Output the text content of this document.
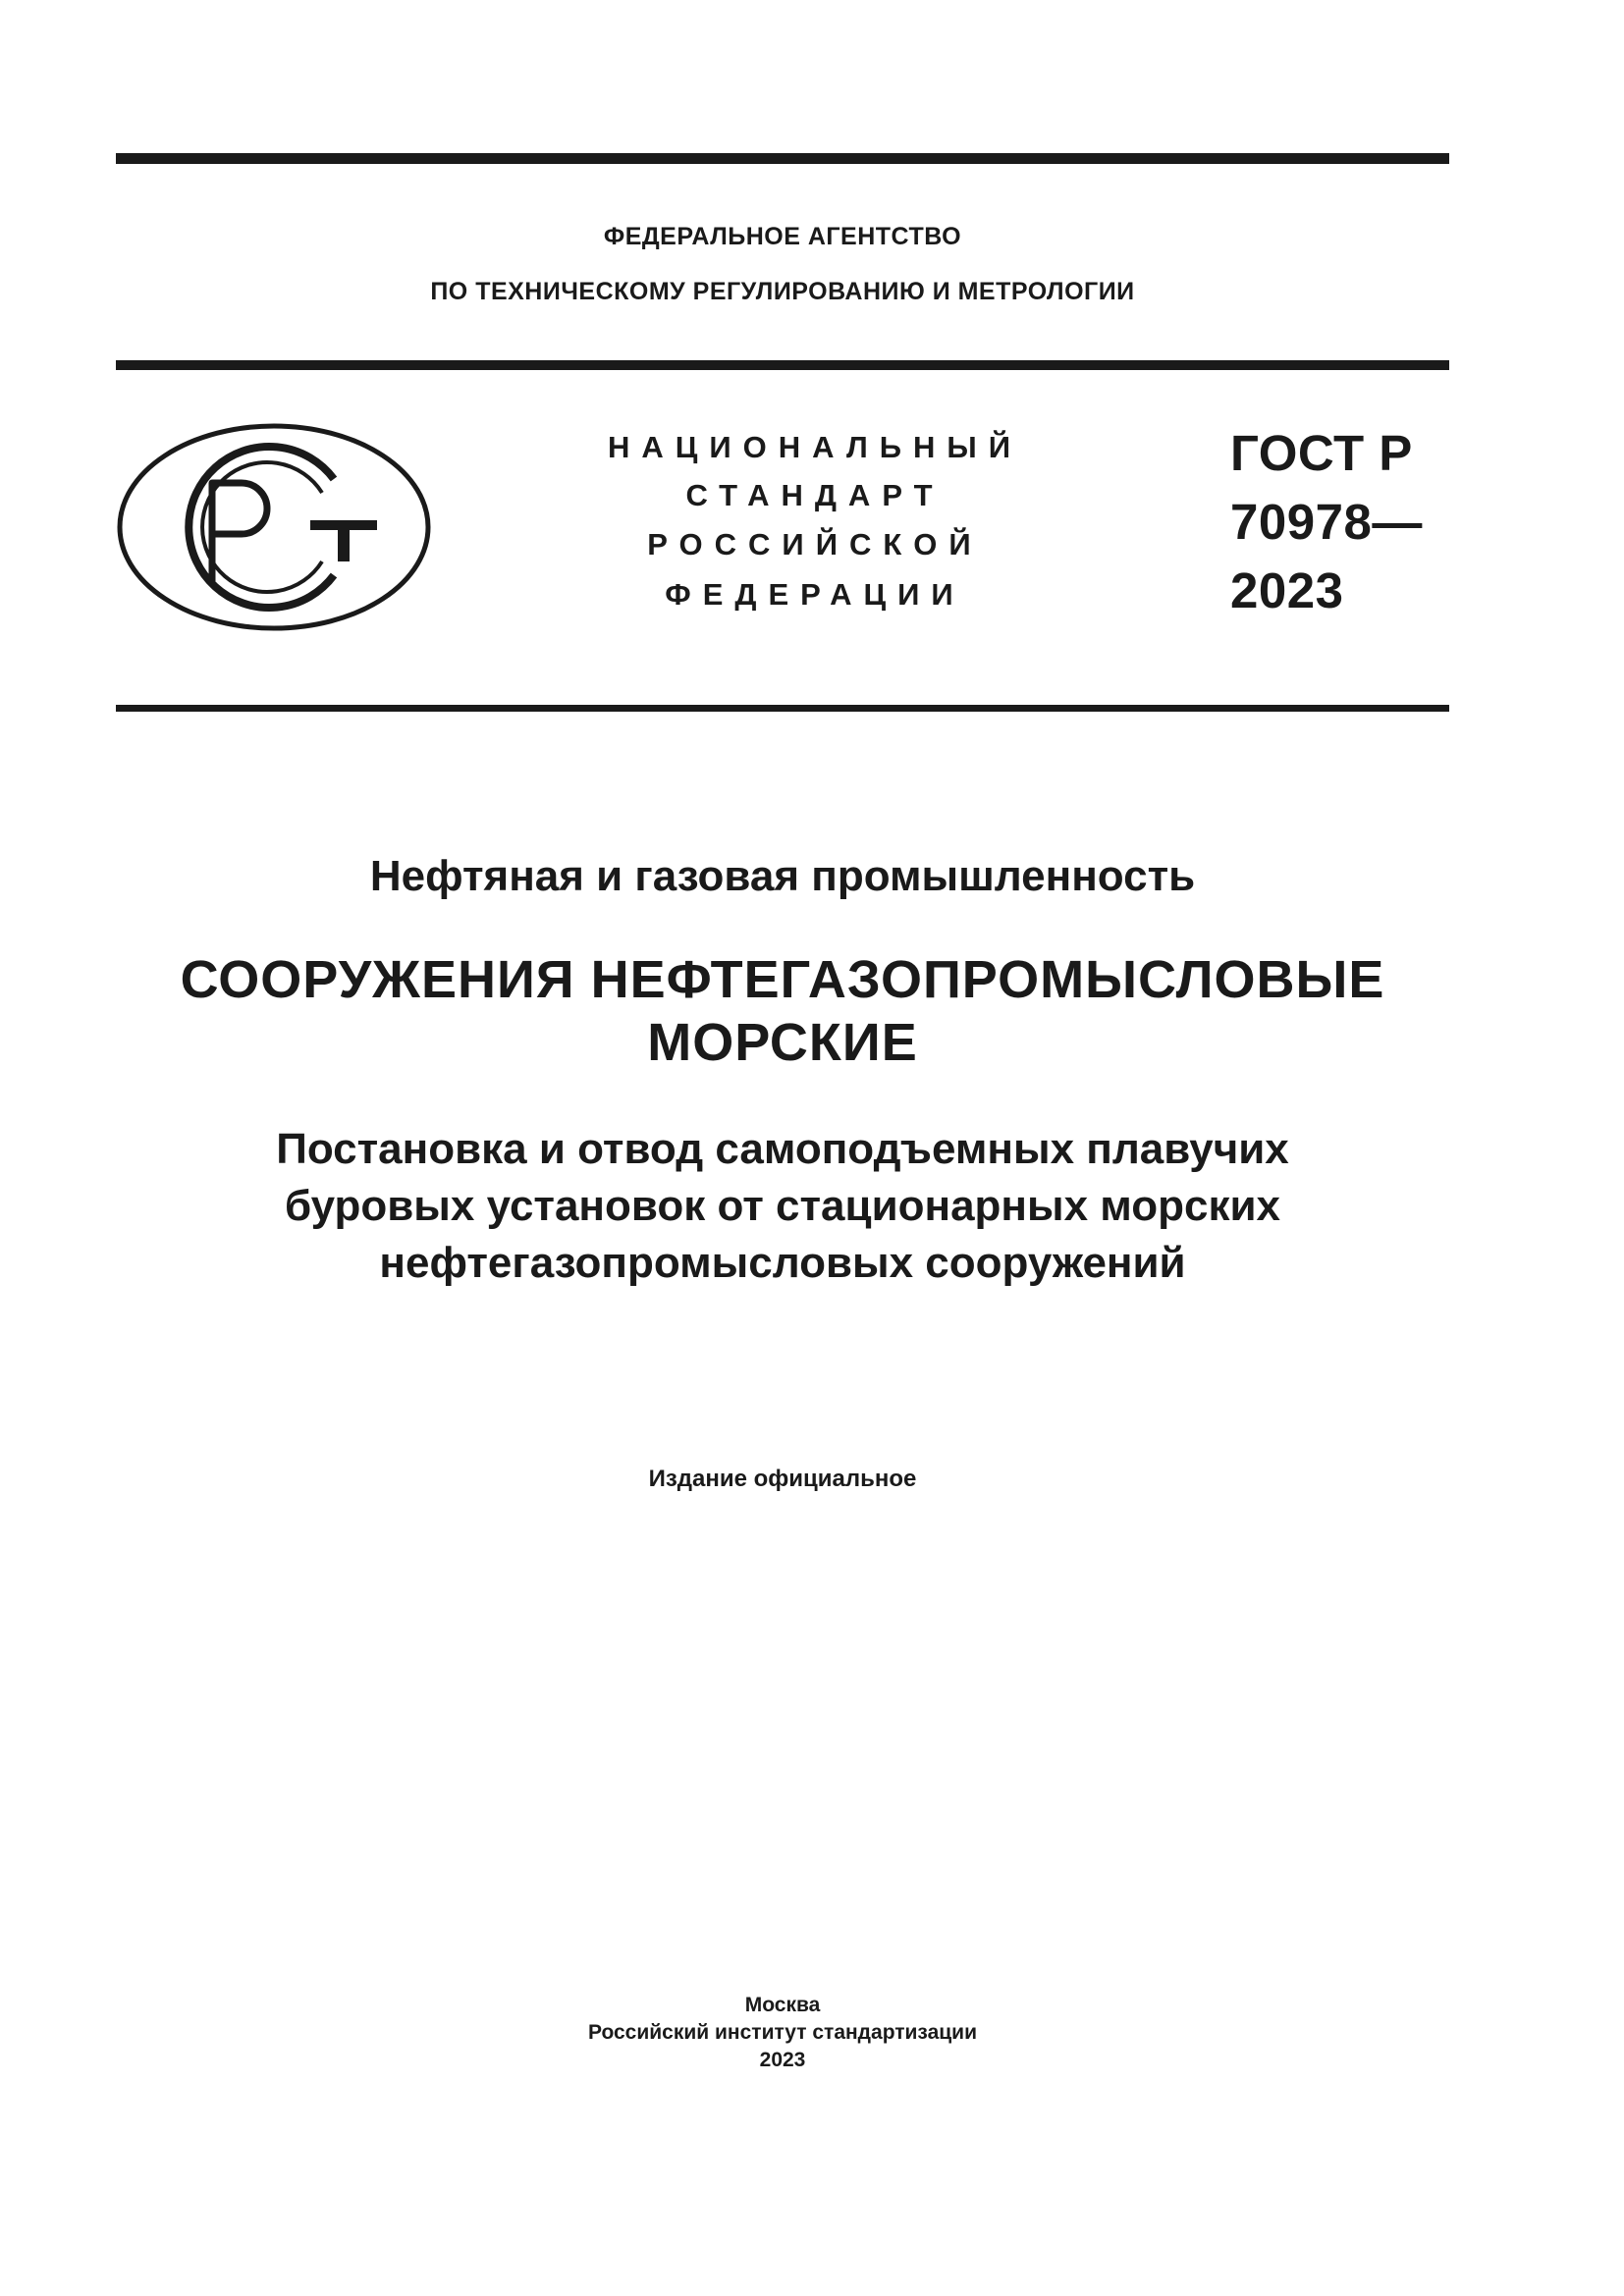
ФЕДЕРАЛЬНОЕ АГЕНТСТВО
ПО ТЕХНИЧЕСКОМУ РЕГУЛИРОВАНИЮ И МЕТРОЛОГИИ
НАЦИОНАЛЬНЫЙ
СТАНДАРТ
РОССИЙСКОЙ
ФЕДЕРАЦИИ
ГОСТ Р
70978—
2023
Нефтяная и газовая промышленность
СООРУЖЕНИЯ НЕФТЕГАЗОПРОМЫСЛОВЫЕ
МОРСКИЕ
Постановка и отвод самоподъемных плавучих
буровых установок от стационарных морских
нефтегазопромысловых сооружений
Издание официальное
Москва
Российский институт стандартизации
2023
